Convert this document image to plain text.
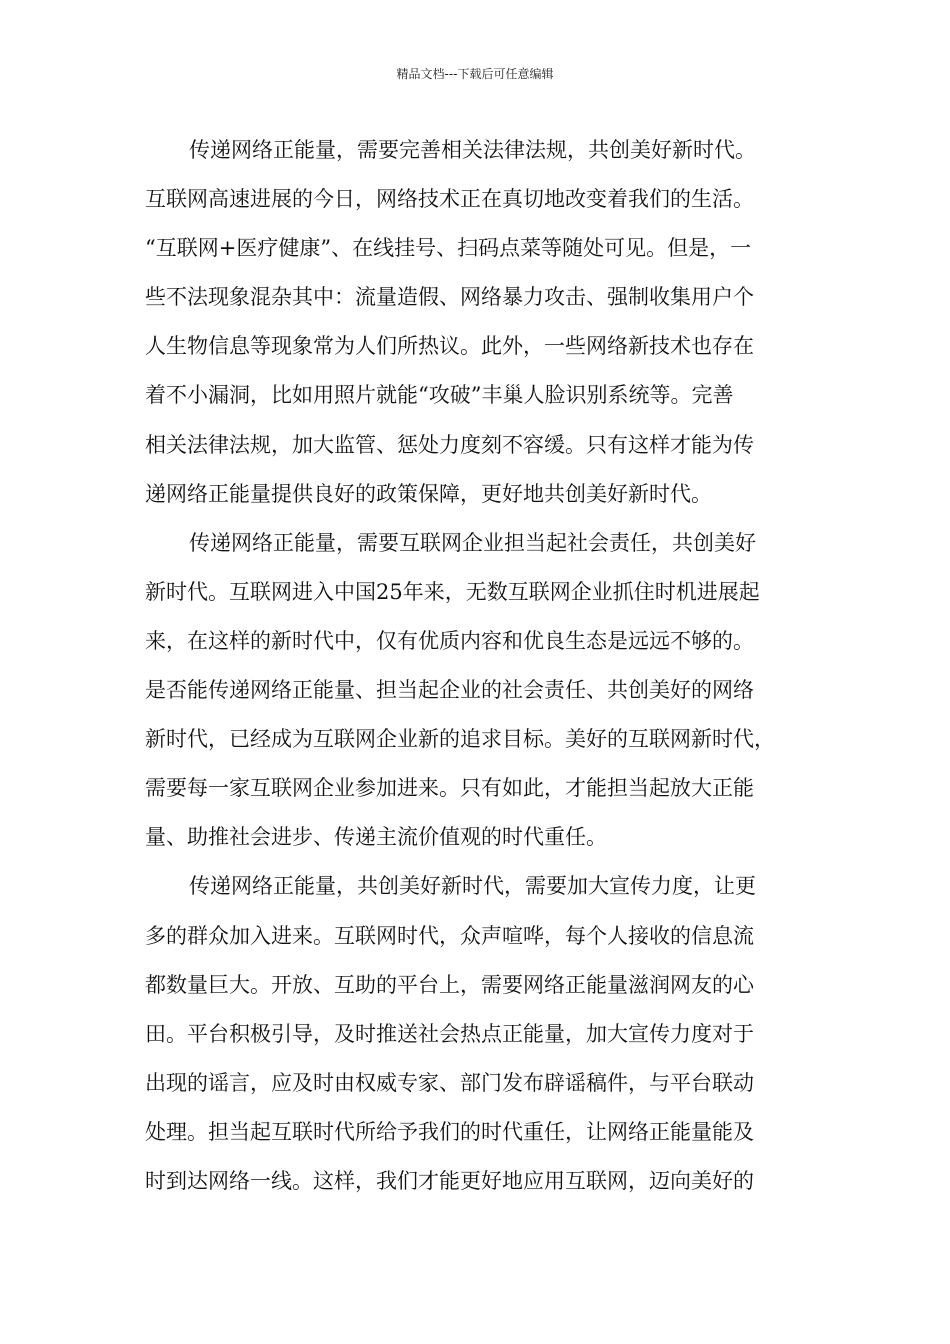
精品文档---下载后可任意编辑
传递网络正能量，需要完善相关法律法规，共创美好新时代。
互联网高速进展的今日，网络技术正在真切地改变着我们的生活。
“互联网+医疗健康”、在线挂号、扫码点菜等随处可见。但是，一
些不法现象混杂其中：流量造假、网络暴力攻击、强制收集用户个
人生物信息等现象常为人们所热议。此外，一些网络新技术也存在
着不小漏洞，比如用照片就能“攻破”丰巢人脸识别系统等。完善
相关法律法规，加大监管、惩处力度刻不容缓。只有这样才能为传
递网络正能量提供良好的政策保障，更好地共创美好新时代。
传递网络正能量，需要互联网企业担当起社会责任，共创美好
新时代。互联网进入中国25年来，无数互联网企业抓住时机进展起
来，在这样的新时代中，仅有优质内容和优良生态是远远不够的。
是否能传递网络正能量、担当起企业的社会责任、共创美好的网络
新时代，已经成为互联网企业新的追求目标。美好的互联网新时代，
需要每一家互联网企业参加进来。只有如此，才能担当起放大正能
量、助推社会进步、传递主流价值观的时代重任。
传递网络正能量，共创美好新时代，需要加大宣传力度，让更
多的群众加入进来。互联网时代，众声喧哗，每个人接收的信息流
都数量巨大。开放、互助的平台上，需要网络正能量滋润网友的心
田。平台积极引导，及时推送社会热点正能量，加大宣传力度对于
出现的谣言，应及时由权威专家、部门发布辟谣稿件，与平台联动
处理。担当起互联时代所给予我们的时代重任，让网络正能量能及
时到达网络一线。这样，我们才能更好地应用互联网，迈向美好的
